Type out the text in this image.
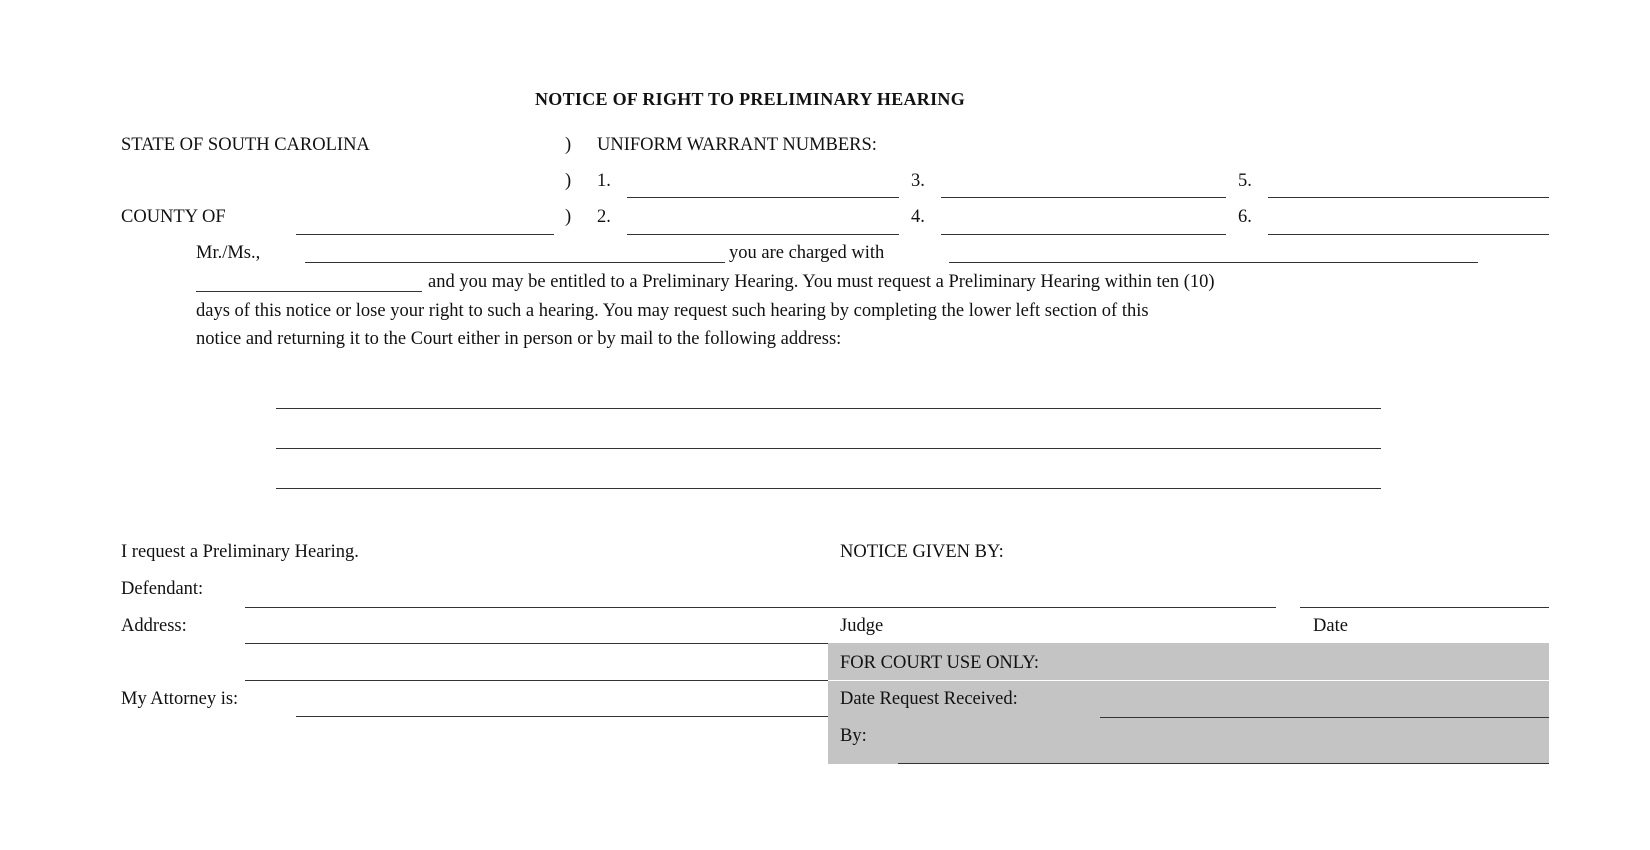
NOTICE OF RIGHT TO PRELIMINARY HEARING
STATE OF SOUTH CAROLINA	) UNIFORM WARRANT NUMBERS:
) 1.	3.	5.
COUNTY OF	) 2.	4.	6.
Mr./Ms.,	you are charged with
and you may be entitled to a Preliminary Hearing. You must request a Preliminary Hearing within ten (10)
days of this notice or lose your right to such a hearing. You may request such hearing by completing the lower left section of this
notice and returning it to the Court either in person or by mail to the following address:
I request a Preliminary Hearing.
Defendant:
Address:
My Attorney is:
NOTICE GIVEN BY:
Judge	Date
FOR COURT USE ONLY:
Date Request Received:
By:
